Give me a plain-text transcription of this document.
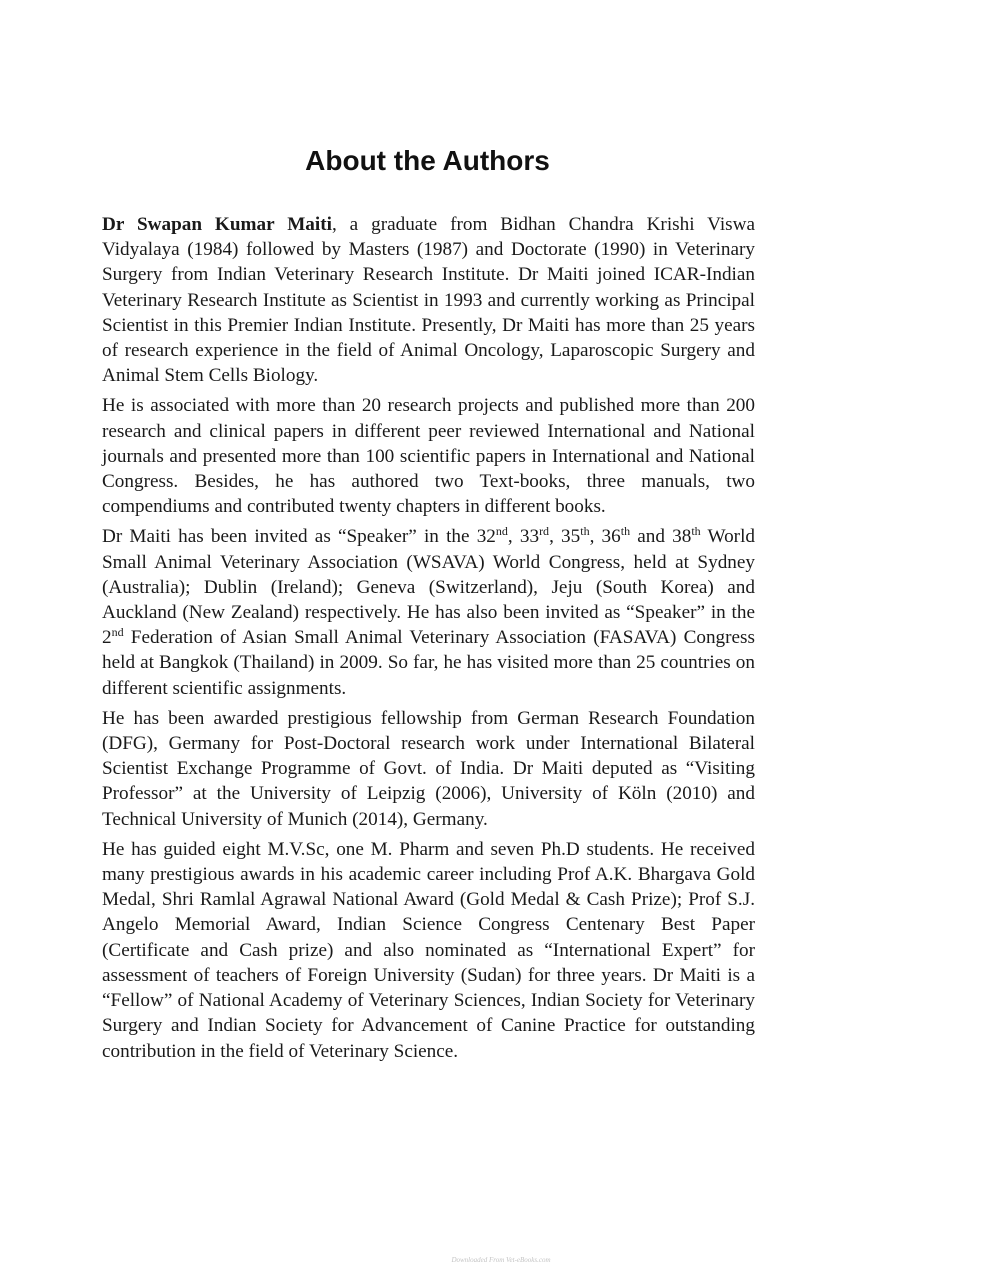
About the Authors

Dr Swapan Kumar Maiti, a graduate from Bidhan Chandra Krishi Viswa Vidyalaya (1984) followed by Masters (1987) and Doctorate (1990) in Veterinary Surgery from Indian Veterinary Research Institute. Dr Maiti joined ICAR-Indian Veterinary Research Institute as Scientist in 1993 and currently working as Principal Scientist in this Premier Indian Institute. Presently, Dr Maiti has more than 25 years of research experience in the field of Animal Oncology, Laparoscopic Surgery and Animal Stem Cells Biology.

He is associated with more than 20 research projects and published more than 200 research and clinical papers in different peer reviewed International and National journals and presented more than 100 scientific papers in International and National Congress. Besides, he has authored two Text-books, three manuals, two compendiums and contributed twenty chapters in different books.

Dr Maiti has been invited as “Speaker” in the 32nd, 33rd, 35th, 36th and 38th World Small Animal Veterinary Association (WSAVA) World Congress, held at Sydney (Australia); Dublin (Ireland); Geneva (Switzerland), Jeju (South Korea) and Auckland (New Zealand) respectively. He has also been invited as “Speaker” in the 2nd Federation of Asian Small Animal Veterinary Association (FASAVA) Congress held at Bangkok (Thailand) in 2009. So far, he has visited more than 25 countries on different scientific assignments.

He has been awarded prestigious fellowship from German Research Foundation (DFG), Germany for Post-Doctoral research work under International Bilateral Scientist Exchange Programme of Govt. of India. Dr Maiti deputed as “Visiting Professor” at the University of Leipzig (2006), University of Köln (2010) and Technical University of Munich (2014), Germany.

He has guided eight M.V.Sc, one M. Pharm and seven Ph.D students. He received many prestigious awards in his academic career including Prof A.K. Bhargava Gold Medal, Shri Ramlal Agrawal National Award (Gold Medal & Cash Prize); Prof S.J. Angelo Memorial Award, Indian Science Congress Centenary Best Paper (Certificate and Cash prize) and also nominated as “International Expert” for assessment of teachers of Foreign University (Sudan) for three years. Dr Maiti is a “Fellow” of National Academy of Veterinary Sciences, Indian Society for Veterinary Surgery and Indian Society for Advancement of Canine Practice for outstanding contribution in the field of Veterinary Science.

Downloaded From Vet-eBooks.com
